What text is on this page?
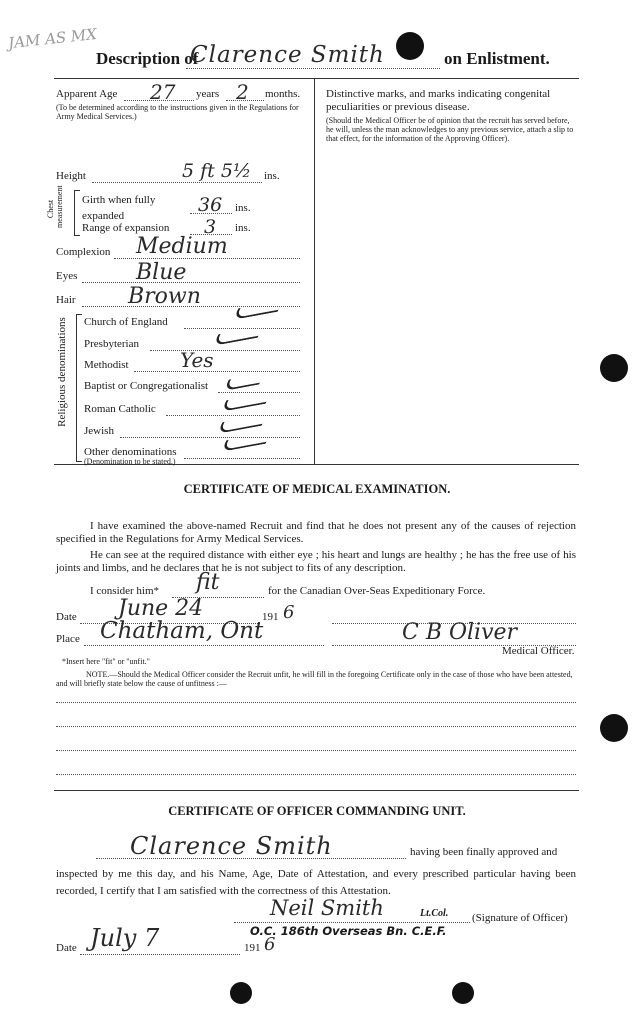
JAM AS MX
Description of
Clarence Smith	on Enlistment.
Apparent Age 27 years 2 months.
(To be determined according to the instructions given in the Regulations for Army Medical Services.)
Height	5 ft 5½ ins.
Chest measurement Girth when fully expanded	36 ins.
Range of expansion 3 ins.
Complexion Medium
Eyes	Blue
Hair Brown
Religious denominations Church of England
Presbyterian
Methodist	Yes
Baptist or Congregationalist
Roman Catholic
Jewish
Other denominations
(Denomination to be stated.)
Distinctive marks, and marks indicating congenital peculiarities or previous disease.
(Should the Medical Officer be of opinion that the recruit has served before, he will, unless the man acknowledges to any previous service, attach a slip to that effect, for the information of the Approving Officer).
CERTIFICATE OF MEDICAL EXAMINATION.
I have examined the above-named Recruit and find that he does not present any of the causes of rejection specified in the Regulations for Army Medical Services.
He can see at the required distance with either eye ; his heart and lungs are healthy ; he has the free use of his joints and limbs, and he declares that he is not subject to fits of any description.
I consider him* fit	for the Canadian Over-Seas Expeditionary Force.
Date June 24	191 6
Place Chatham, Ont	C B Oliver
Medical Officer.
*Insert here "fit" or "unfit."
NOTE.—Should the Medical Officer consider the Recruit unfit, he will fill in the foregoing Certificate only in the case of those who have been attested, and will briefly state below the cause of unfitness :—
CERTIFICATE OF OFFICER COMMANDING UNIT.
Clarence Smith	having been finally approved and
inspected by me this day, and his Name, Age, Date of Attestation, and every prescribed particular having been recorded, I certify that I am satisfied with the correctness of this Attestation.
Neil Smith	Lt.Col. (Signature of Officer)
O.C. 186th Overseas Bn. C.E.F.
Date July 7	191 6
